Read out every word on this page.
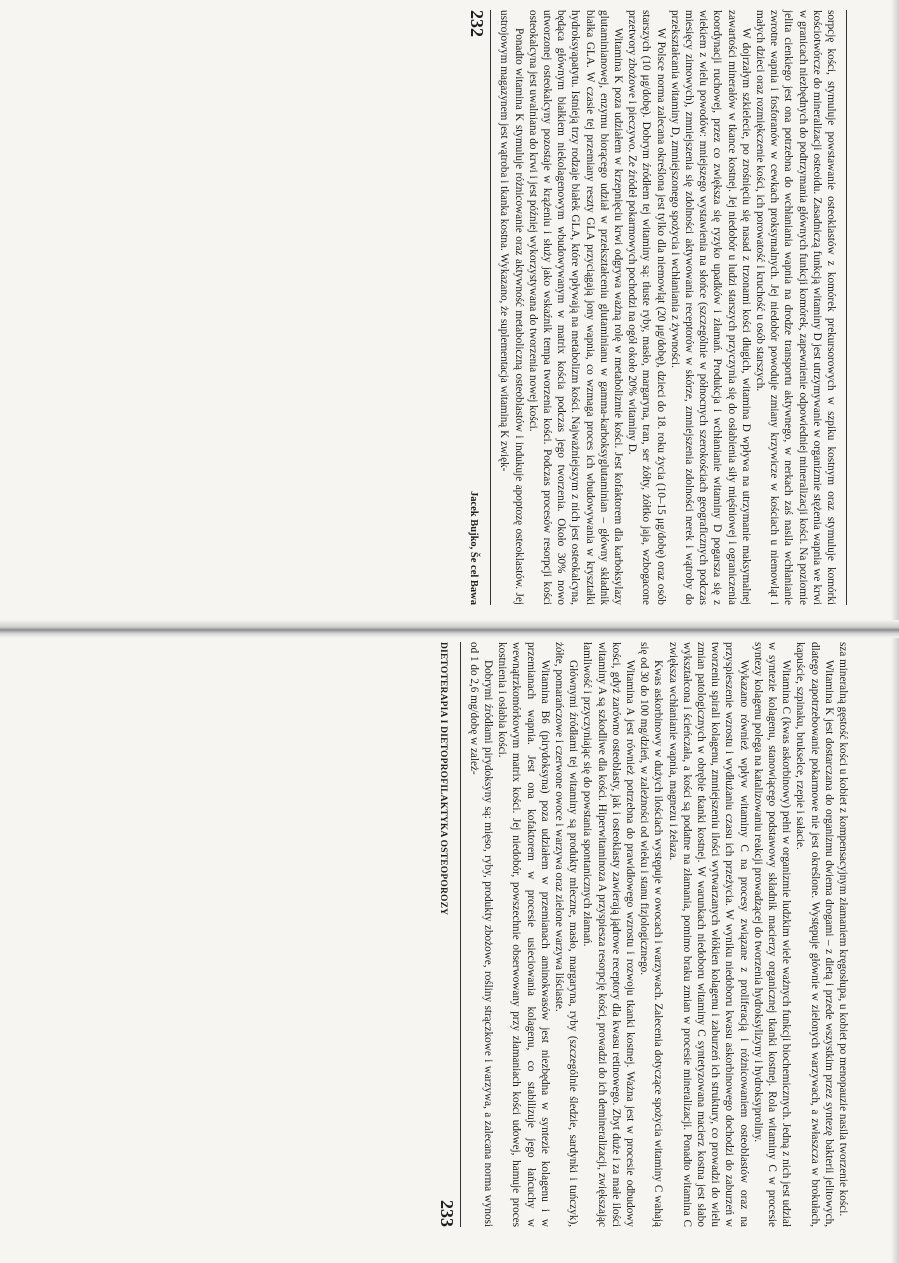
sorpcję kości, stymuluje powstawanie osteoklastów z komórek prekursorowych w szpiku kostnym oraz stymuluje komórki kościotwórcze do mineralizacji osteoidu. Zasadniczą funkcją witaminy D jest utrzymywanie w organizmie stężenia wapnia we krwi w granicach niezbędnych do podtrzymania głównych funkcji komórek, zapewnienie odpowiedniej mineralizacji kości. Na poziomie jelita cienkiego jest ona potrzebna do wchłaniania wapnia na drodze transportu aktywnego, w nerkach zaś nasila wchłanianie zwrotne wapnia i fosforanów w cewkach proksymalnych. Jej niedobór powoduje zmiany krzywicze w kościach u niemowląt i małych dzieci oraz rozmiękczenie kości, ich porowatość i kruchość u osób starszych.

W dojrzałym szkielecie, po zrośnięciu się nasad z trzonami kości długich, witamina D wpływa na utrzymanie maksymalnej zawartości minerałów w tkance kostnej. Jej niedobór u ludzi starszych przyczynia się do osłabienia siły mięśniowej i ograniczenia koordynacji ruchowej, przez co zwiększa się ryzyko upadków i złamań. Produkcja i wchłanianie witaminy D pogarsza się z wiekiem z wielu powodów: mniejszego wystawienia na słońce (szczególnie w północnych szerokościach geograficznych podczas miesięcy zimowych), zmniejszenia się zdolności aktywowania receptorów w skórze, zmniejszenia zdolności nerek i wątroby do przekształcania witaminy D, zmniejszonego spożycia i wchłaniania z żywności.

W Polsce norma zalecana określona jest tylko dla niemowląt (20 μg/dobę), dzieci do 18. roku życia (10–15 μg/dobę) oraz osób starszych (10 μg/dobę). Dobrym źródłem tej witaminy są: tłuste ryby, masło, margaryna, tran, ser żółty, żółtko jaja, wzbogacone przetwory zbożowe i pieczywo. Ze źródeł pokarmowych pochodzi na ogół około 20% witaminy D.

Witamina K poza udziałem w krzepnięciu krwi odgrywa ważną rolę w metabolizmie kości. Jest kofaktorem dla karboksylazy glutaminianowej, enzymu biorącego udział w przekształceniu glutaminianu w gamma-karboksyglutaminian – główny składnik białka GLA. W czasie tej przemiany reszty GLA przyciągają jony wapnia, co wzmaga proces ich wbudowywania w kryształki hydroksyapatytu. Istnieją trzy rodzaje białek GLA, które wpływają na metabolizm kości. Najważniejszym z nich jest osteokalcyna, będąca głównym białkiem niekolagenowym wbudowywanym w matrix kościa podczas jego tworzenia. Około 30% nowo utworzonej osteokalcyny pozostaje w krążeniu i służy jako wskaźnik tempa tworzenia kości. Podczas procesów resorpcji kości osteokalcyna jest uwalniana do krwi i jest później wykorzystywana do tworzenia nowej kości.

Ponadto witamina K stymuluje różnicowanie oraz aktywność metaboliczną osteoblastów i indukuje apoptozę osteoklastów. Jej ustrojowym magazynem jest wątroba i tkanka kostna. Wykazano, że suplementacja witaminą K zwięk-

232
Jacek Bujko, Še cel Bawa

sza mineralną gęstość kości u kobiet z kompensacyjnym złamaniem kręgosłupa, u kobiet po menopauzie nasila tworzenie kości.

Witamina K jest dostarczana do organizmu dwiema drogami – z dietą i przede wszystkim przez syntezę bakterii jelitowych, dlatego zapotrzebowanie pokarmowe nie jest określone. Występuje głównie w zielonych warzywach, a zwłaszcza w brokułach, kapuście, szpinaku, brukselce, rzepie i sałacie.

Witamina C (kwas askorbinowy) pełni w organizmie ludzkim wiele ważnych funkcji biochemicznych. Jedną z nich jest udział w syntezie kolagenu, stanowiącego podstawowy składnik macierzy organicznej tkanki kostnej. Rola witaminy C w procesie syntezy kolagenu polega na katalizowaniu reakcji prowadzącej do tworzenia hydroksylizyny i hydroksyproliny.

Wykazano również wpływ witaminy C na procesy związane z proliferacją i różnicowaniem osteoblastów oraz na przyspieszenie wzrostu i wydłużaniu czasu ich przeżycia. W wyniku niedoboru kwasu askorbinowego dochodzi do zaburzeń w tworzeniu spirali kolagenu, zmniejszeniu ilości wytwarzanych włókien kolagenu i zaburzeń ich struktury, co prowadzi do wielu zmian patologicznych w obrębie tkanki kostnej. W warunkach niedoboru witaminy C syntetyzowana macierz kostna jest słabo wykształcona i ścieńczała, a kości są podatne na złamania, pomimo braku zmian w procesie mineralizacji. Ponadto witamina C zwiększa wchłanianie wapnia, magnezu i żelaza.

Kwas askorbinowy w dużych ilościach występuje w owocach i warzywach. Zalecenia dotyczące spożycia witaminy C wahają się od 30 do 100 mg/dzień, w zależności od wieku i stanu fizjologicznego.

Witamina A jest również potrzebna do prawidłowego wzrostu i rozwoju tkanki kostnej. Ważna jest w procesie odbudowy kości, gdyż zarówno osteoblasty, jak i osteoklasty zawierają jądrowe receptory dla kwasu retinowego. Zbyt duże i za małe ilości witaminy A są szkodliwe dla kości. Hiperwitaminoza A przyspiesza resorpcję kości, prowadzi do ich demineralizacji, zwiększając łamliwość i przyczyniając się do powstania spontanicznych złamań.

Głównymi źródłami tej witaminy są produkty mleczne, masło, margaryna, ryby (szczególnie śledzie, sardynki i tuńczyk), żółte, pomarańczowe i czerwone owoce i warzywa oraz zielone warzywa liściaste.

Witamina B6 (pirydoksyna) poza udziałem w przemianach aminokwasów jest niezbędna w syntezie kolagenu i w przemianach wapnia. Jest ona kofaktorem w procesie usieciowania kolagenu, co stabilizuje jego łańcuchy w wewnątrzkomórkowym matrix kości. Jej niedobór, powszechnie obserwowany przy złamaniach kości udowej, hamuje proces kostnienia i osłabia kości.

Dobrymi źródłami pirydoksyny są: mięso, ryby, produkty zbożowe, rośliny strączkowe i warzywa, a zalecana norma wynosi od 1 do 2,6 mg/dobę w zależ-

DIETOTERAPIA I DIETOPROFILAKTYKA OSTEOPOROZY
233
